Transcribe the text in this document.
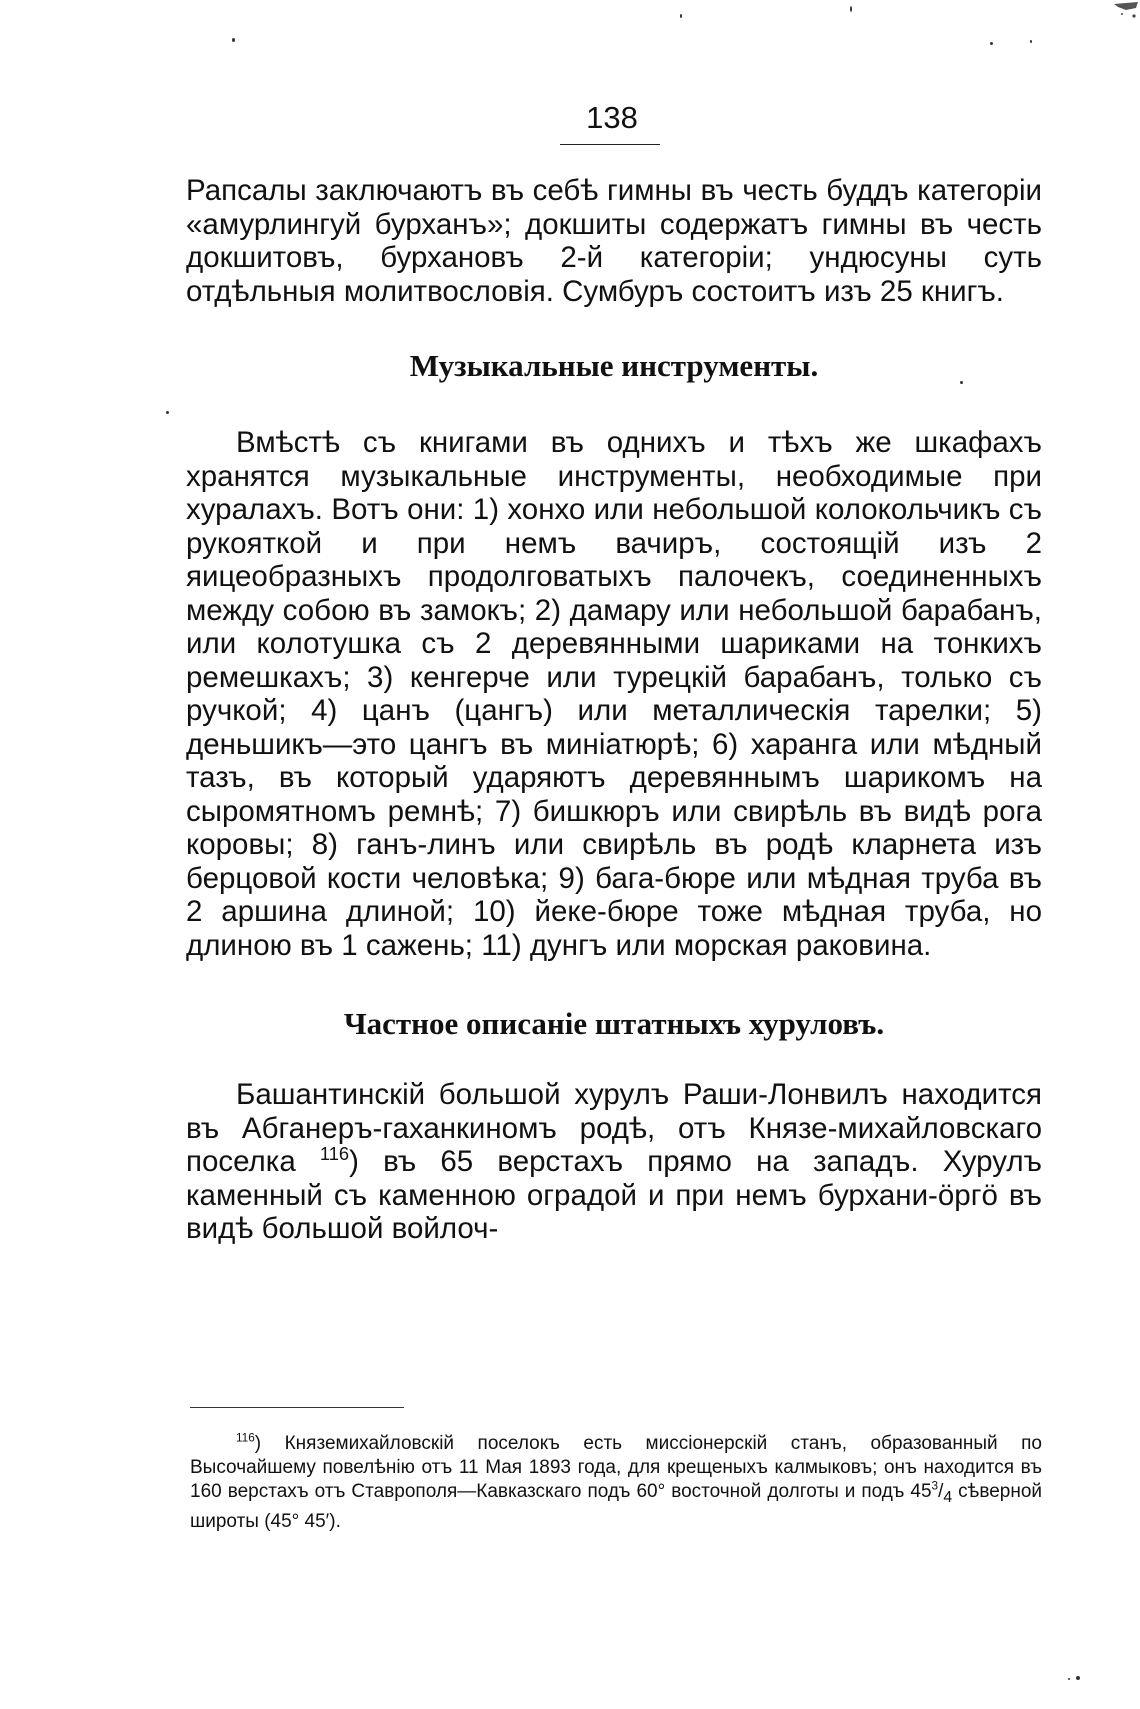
138

Рапсалы заключаютъ въ себѣ гимны въ честь буддъ категоріи «амурлингуй бурханъ»; докшиты содержатъ гимны въ честь докшитовъ, бурхановъ 2-й категоріи; ундюсуны суть отдѣльныя молитвословія. Сумбуръ состоитъ изъ 25 книгъ.

Музыкальные инструменты.

Вмѣстѣ съ книгами въ однихъ и тѣхъ же шкафахъ хранятся музыкальные инструменты, необходимые при хуралахъ. Вотъ они: 1) хонхо или небольшой колокольчикъ съ рукояткой и при немъ вачиръ, состоящій изъ 2 яицеобразныхъ продолговатыхъ палочекъ, соединенныхъ между собою въ замокъ; 2) дамару или небольшой барабанъ, или колотушка съ 2 деревянными шариками на тонкихъ ремешкахъ; 3) кенгерче или турецкій барабанъ, только съ ручкой; 4) цанъ (цангъ) или металлическія тарелки; 5) деньшикъ—это цангъ въ миніатюрѣ; 6) харанга или мѣдный тазъ, въ который ударяютъ деревяннымъ шарикомъ на сыромятномъ ремнѣ; 7) бишкюръ или свирѣль въ видѣ рога коровы; 8) ганъ-линъ или свирѣль въ родѣ кларнета изъ берцовой кости человѣка; 9) бага-бюре или мѣдная труба въ 2 аршина длиной; 10) йеке-бюре тоже мѣдная труба, но длиною въ 1 сажень; 11) дунгъ или морская раковина.

Частное описаніе штатныхъ хуруловъ.

Башантинскій большой хурулъ Раши-Лонвилъ находится въ Абганеръ-гаханкиномъ родѣ, отъ Князе-михайловскаго поселка $^{116}$) въ 65 верстахъ прямо на западъ. Хурулъ каменный съ каменною оградой и при немъ бурхани-öргö въ видѣ большой войлоч-

$^{116}$) Княземихайловскій поселокъ есть миссіонерскій станъ, образованный по Высочайшему повелѣнію отъ 11 Мая 1893 года, для крещеныхъ калмыковъ; онъ находится въ 160 верстахъ отъ Ставрополя—Кавказскаго подъ 60° восточной долготы и подъ $45^3/_4$ сѣверной широты (45° 45′).
